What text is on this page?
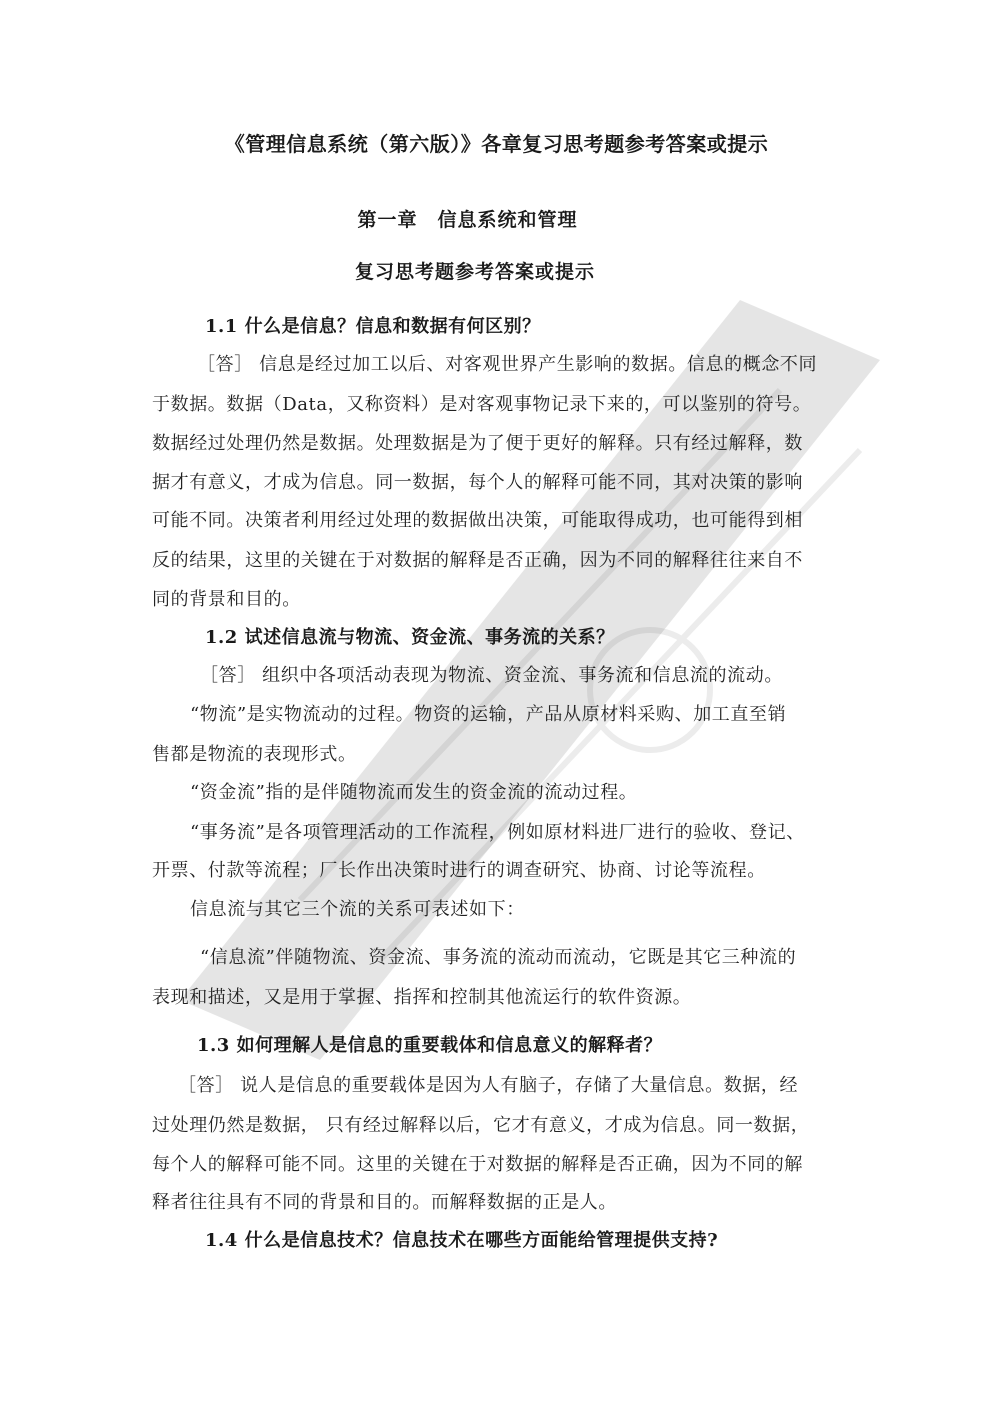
《管理信息系统（第六版）》各章复习思考题参考答案或提示
第一章　信息系统和管理
复习思考题参考答案或提示
1.1 什么是信息？信息和数据有何区别？
［答］ 信息是经过加工以后、对客观世界产生影响的数据。信息的概念不同
于数据。数据（Data，又称资料）是对客观事物记录下来的，可以鉴别的符号。
数据经过处理仍然是数据。处理数据是为了便于更好的解释。只有经过解释，数
据才有意义，才成为信息。同一数据，每个人的解释可能不同，其对决策的影响
可能不同。决策者利用经过处理的数据做出决策，可能取得成功，也可能得到相
反的结果，这里的关键在于对数据的解释是否正确，因为不同的解释往往来自不
同的背景和目的。
1.2 试述信息流与物流、资金流、事务流的关系？
［答］ 组织中各项活动表现为物流、资金流、事务流和信息流的流动。
“物流”是实物流动的过程。物资的运输，产品从原材料采购、加工直至销
售都是物流的表现形式。
“资金流”指的是伴随物流而发生的资金流的流动过程。
“事务流”是各项管理活动的工作流程，例如原材料进厂进行的验收、登记、
开票、付款等流程；厂长作出决策时进行的调查研究、协商、讨论等流程。
信息流与其它三个流的关系可表述如下：
“信息流”伴随物流、资金流、事务流的流动而流动，它既是其它三种流的
表现和描述，又是用于掌握、指挥和控制其他流运行的软件资源。
1.3 如何理解人是信息的重要载体和信息意义的解释者？
［答］ 说人是信息的重要载体是因为人有脑子，存储了大量信息。数据，经
过处理仍然是数据， 只有经过解释以后，它才有意义，才成为信息。同一数据，
每个人的解释可能不同。这里的关键在于对数据的解释是否正确，因为不同的解
释者往往具有不同的背景和目的。而解释数据的正是人。
1.4 什么是信息技术？信息技术在哪些方面能给管理提供支持?
